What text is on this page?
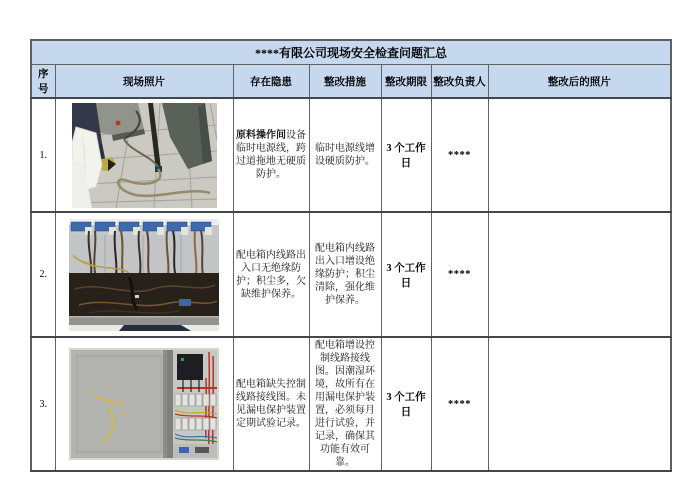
****有限公司现场安全检查问题汇总						
序号	现场照片	存在隐患	整改措施	整改期限	整改负责人	整改后的照片
1.		原料操作间设备临时电源线，跨过道拖地无硬质防护。	临时电源线增设硬质防护。	3 个工作日	****	
2.		配电箱内线路出入口无绝缘防护；积尘多，欠缺维护保养。	配电箱内线路出入口增设绝缘防护；积尘清除，强化维护保养。	3 个工作日	****	
3.		配电箱缺失控制线路接线图。未见漏电保护装置定期试验记录。	配电箱增设控制线路接线图。因潮湿环境，故所有在用漏电保护装置，必须每月进行试验，并记录，确保其功能有效可靠。	3 个工作日	****	
